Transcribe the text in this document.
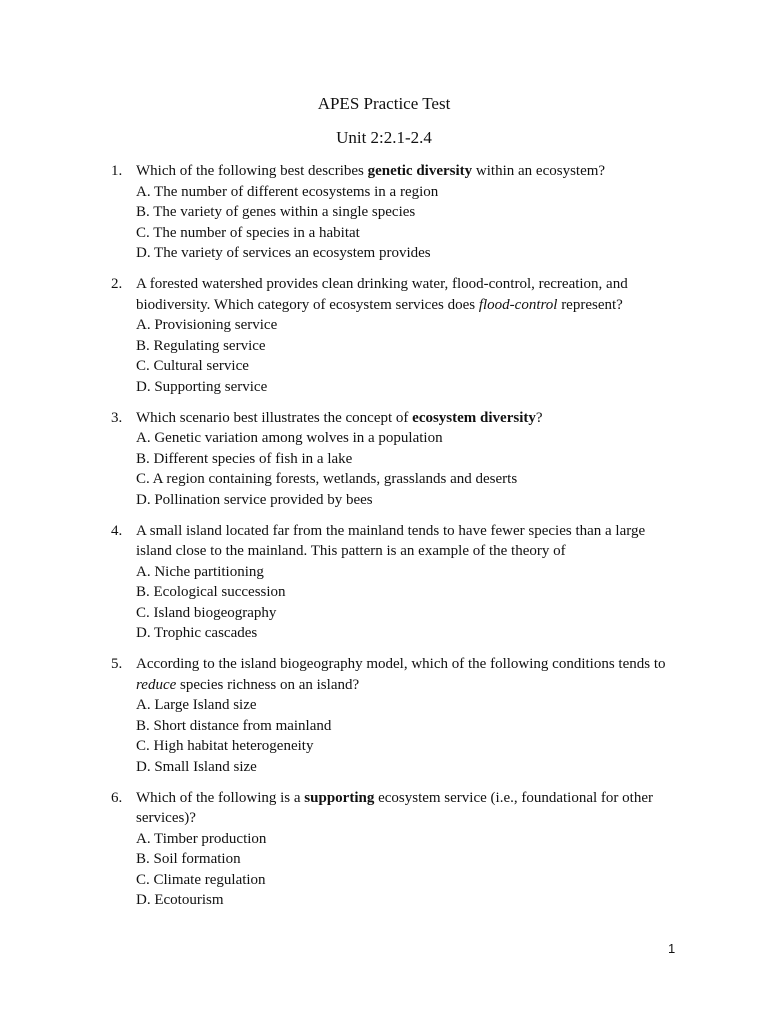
APES Practice Test
Unit 2:2.1-2.4
1. Which of the following best describes genetic diversity within an ecosystem?
A. The number of different ecosystems in a region
B. The variety of genes within a single species
C. The number of species in a habitat
D. The variety of services an ecosystem provides
2. A forested watershed provides clean drinking water, flood-control, recreation, and biodiversity. Which category of ecosystem services does flood-control represent?
A. Provisioning service
B. Regulating service
C. Cultural service
D. Supporting service
3. Which scenario best illustrates the concept of ecosystem diversity?
A. Genetic variation among wolves in a population
B. Different species of fish in a lake
C. A region containing forests, wetlands, grasslands and deserts
D. Pollination service provided by bees
4. A small island located far from the mainland tends to have fewer species than a large island close to the mainland. This pattern is an example of the theory of
A. Niche partitioning
B. Ecological succession
C. Island biogeography
D. Trophic cascades
5. According to the island biogeography model, which of the following conditions tends to reduce species richness on an island?
A. Large Island size
B. Short distance from mainland
C. High habitat heterogeneity
D. Small Island size
6. Which of the following is a supporting ecosystem service (i.e., foundational for other services)?
A. Timber production
B. Soil formation
C. Climate regulation
D. Ecotourism
1
